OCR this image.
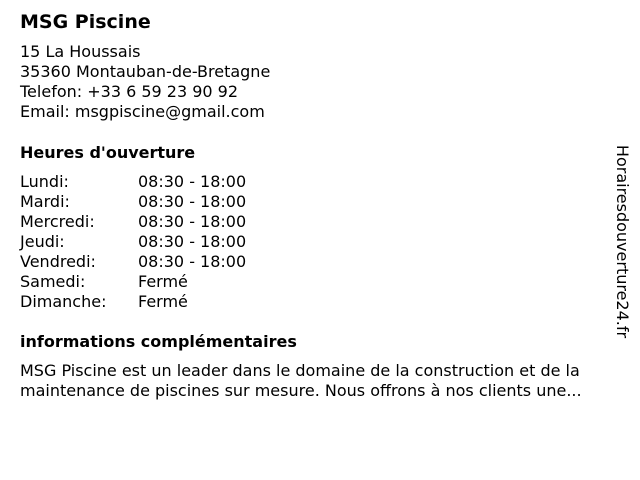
MSG Piscine
15 La Houssais
35360 Montauban-de-Bretagne
Telefon: +33 6 59 23 90 92
Email: msgpiscine@gmail.com
Heures d'ouverture
Lundi:	08:30 - 18:00
Mardi:	08:30 - 18:00
Mercredi:	08:30 - 18:00
Jeudi:	08:30 - 18:00
Vendredi:	08:30 - 18:00
Samedi:	Fermé
Dimanche:	Fermé
informations complémentaires
MSG Piscine est un leader dans le domaine de la construction et de la maintenance de piscines sur mesure. Nous offrons à nos clients une...
Horairesdouverture24.fr
